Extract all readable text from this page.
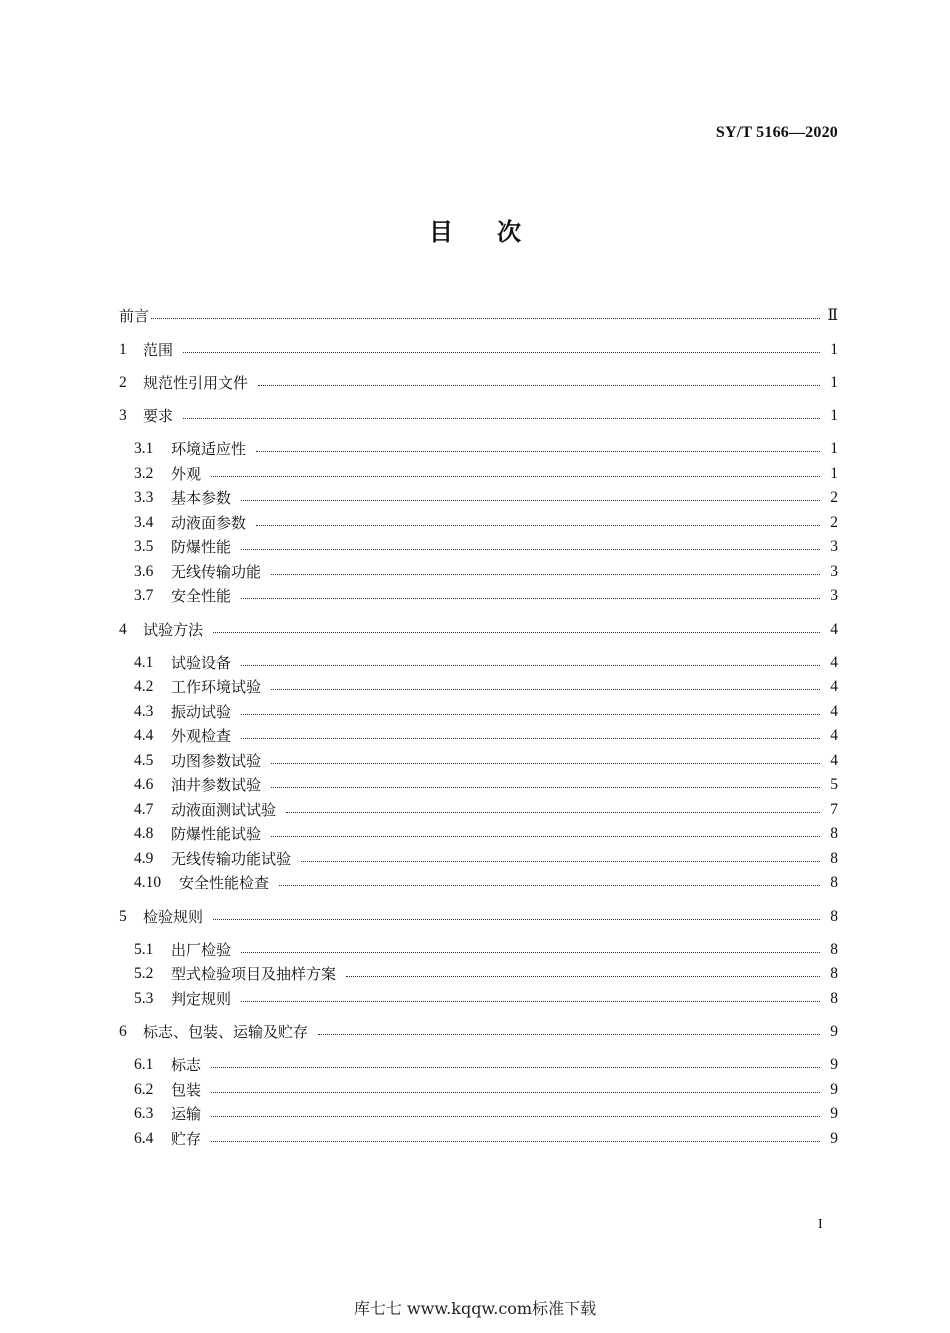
SY/T 5166—2020
目次
前言	Ⅱ
1	范围	1
2	规范性引用文件	1
3	要求	1
3.1	环境适应性	1
3.2	外观	1
3.3	基本参数	2
3.4	动液面参数	2
3.5	防爆性能	3
3.6	无线传输功能	3
3.7	安全性能	3
4	试验方法	4
4.1	试验设备	4
4.2	工作环境试验	4
4.3	振动试验	4
4.4	外观检查	4
4.5	功图参数试验	4
4.6	油井参数试验	5
4.7	动液面测试试验	7
4.8	防爆性能试验	8
4.9	无线传输功能试验	8
4.10	安全性能检查	8
5	检验规则	8
5.1	出厂检验	8
5.2	型式检验项目及抽样方案	8
5.3	判定规则	8
6	标志、包装、运输及贮存	9
6.1	标志	9
6.2	包装	9
6.3	运输	9
6.4	贮存	9
I
库七七 www.kqqw.com标准下载
